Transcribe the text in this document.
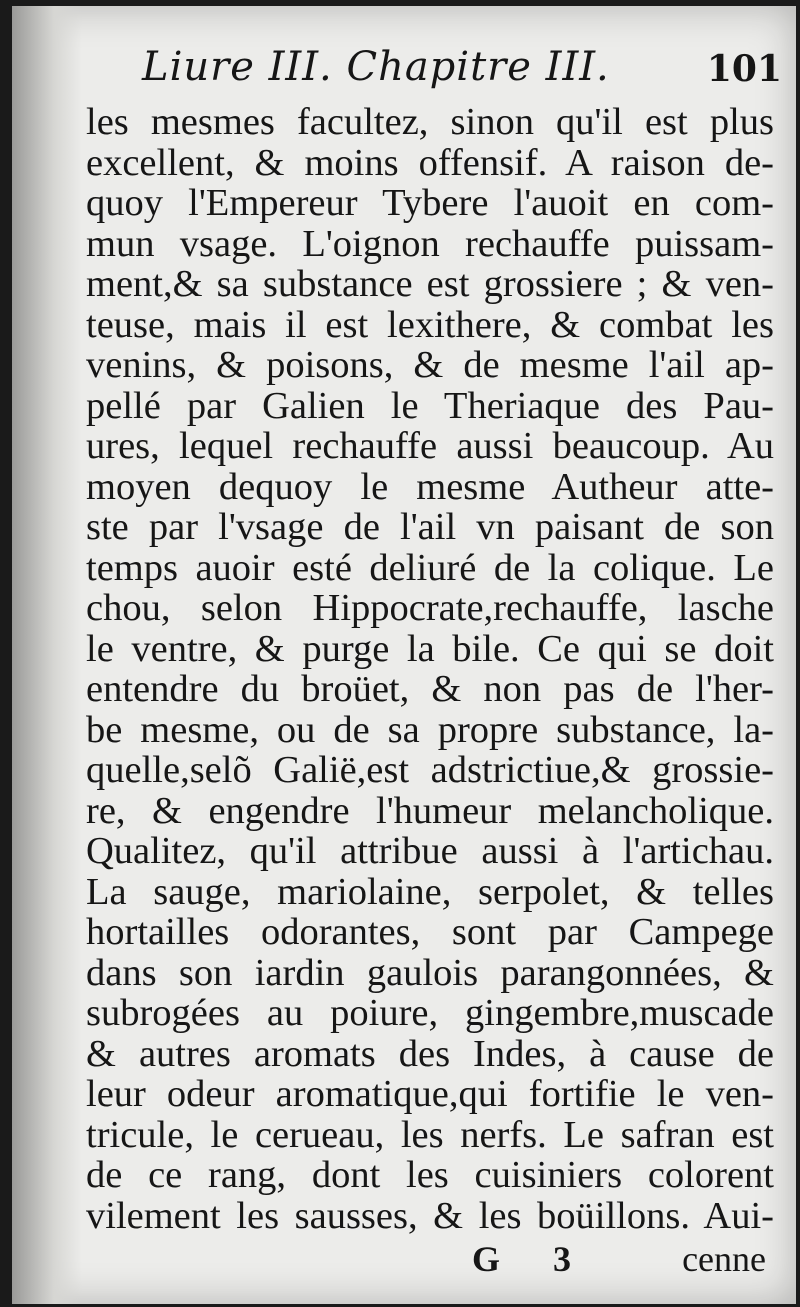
Liure III. Chapitre III.	101
les mesmes facultez, sinon qu'il est plus
excellent, & moins offensif. A raison de-
quoy l'Empereur Tybere l'auoit en com-
mun vsage. L'oignon rechauffe puissam-
ment,& sa substance est grossiere ; & ven-
teuse, mais il est lexithere, & combat les
venins, & poisons, & de mesme l'ail ap-
pellé par Galien le Theriaque des Pau-
ures, lequel rechauffe aussi beaucoup. Au
moyen dequoy le mesme Autheur atte-
ste par l'vsage de l'ail vn paisant de son
temps auoir esté deliuré de la colique. Le
chou, selon Hippocrate,rechauffe, lasche
le ventre, & purge la bile. Ce qui se doit
entendre du broüet, & non pas de l'her-
be mesme, ou de sa propre substance, la-
quelle,selõ Galië,est adstrictiue,& grossie-
re, & engendre l'humeur melancholique.
Qualitez, qu'il attribue aussi à l'artichau.
La sauge, mariolaine, serpolet, & telles
hortailles odorantes, sont par Campege
dans son iardin gaulois parangonnées, &
subrogées au poiure, gingembre,muscade
& autres aromats des Indes, à cause de
leur odeur aromatique,qui fortifie le ven-
tricule, le cerueau, les nerfs. Le safran est
de ce rang, dont les cuisiniers colorent
vilement les sausses, & les boüillons. Aui-
G 3 cenne
